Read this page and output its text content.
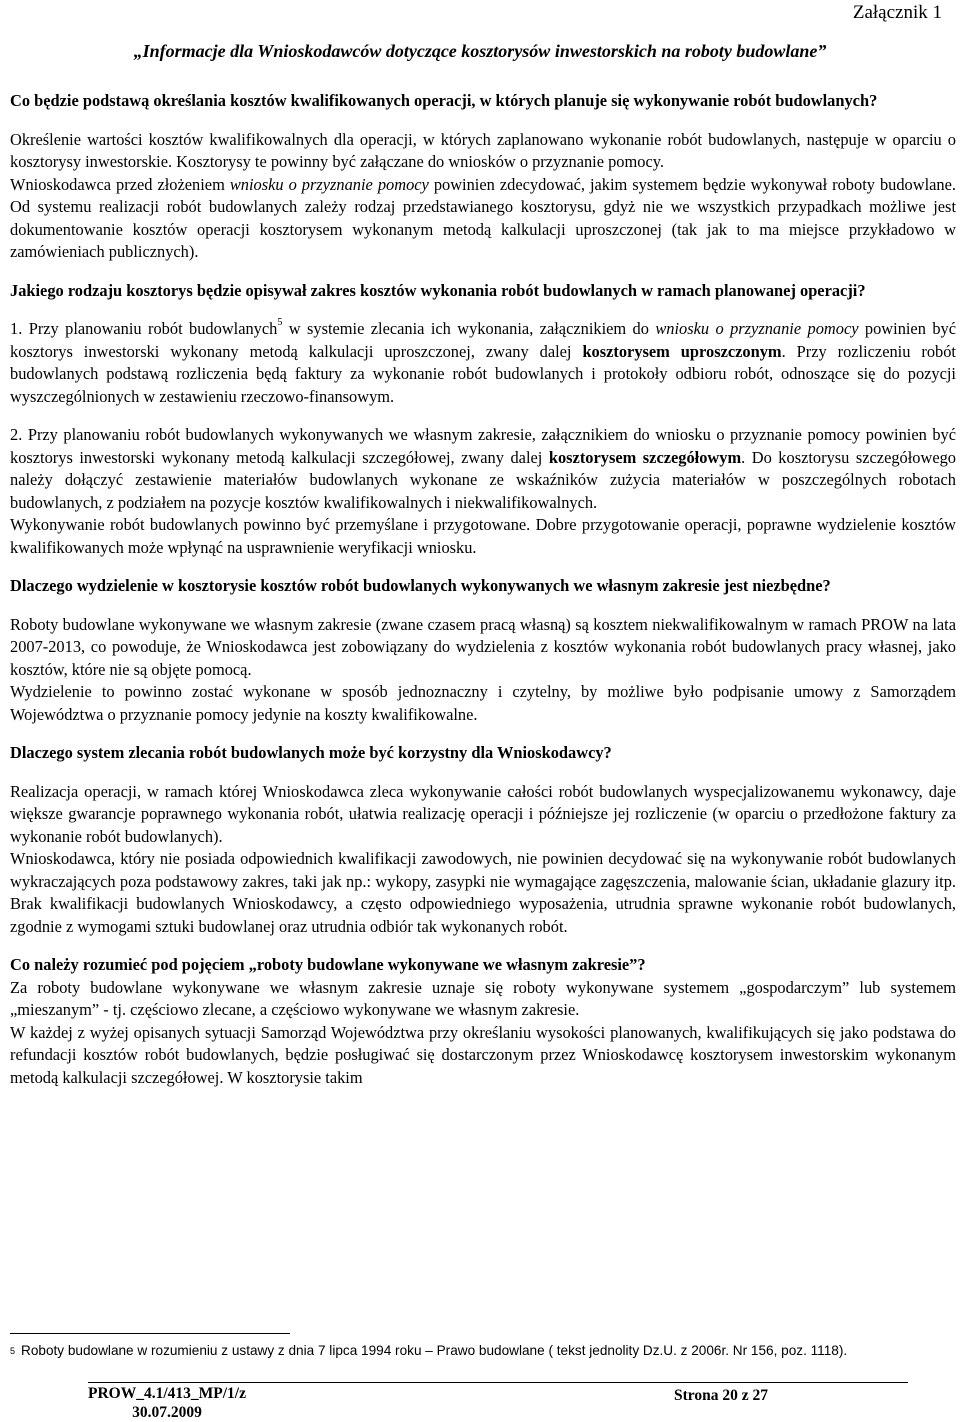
Załącznik 1
„Informacje dla Wnioskodawców dotyczące kosztorysów inwestorskich na roboty budowlane”

Co będzie podstawą określania kosztów kwalifikowanych operacji, w których planuje się wykonywanie robót budowlanych?

Określenie wartości kosztów kwalifikowalnych dla operacji, w których zaplanowano wykonanie robót budowlanych, następuje w oparciu o kosztorysy inwestorskie. Kosztorysy te powinny być załączane do wniosków o przyznanie pomocy.

Wnioskodawca przed złożeniem wniosku o przyznanie pomocy powinien zdecydować, jakim systemem będzie wykonywał roboty budowlane. Od systemu realizacji robót budowlanych zależy rodzaj przedstawianego kosztorysu, gdyż nie we wszystkich przypadkach możliwe jest dokumentowanie kosztów operacji kosztorysem wykonanym metodą kalkulacji uproszczonej (tak jak to ma miejsce przykładowo w zamówieniach publicznych).

Jakiego rodzaju kosztorys będzie opisywał zakres kosztów wykonania robót budowlanych w ramach planowanej operacji?

1. Przy planowaniu robót budowlanych$^5$ w systemie zlecania ich wykonania, załącznikiem do wniosku o przyznanie pomocy powinien być kosztorys inwestorski wykonany metodą kalkulacji uproszczonej, zwany dalej kosztorysem uproszczonym. Przy rozliczeniu robót budowlanych podstawą rozliczenia będą faktury za wykonanie robót budowlanych i protokoły odbioru robót, odnoszące się do pozycji wyszczególnionych w zestawieniu rzeczowo-finansowym.

2. Przy planowaniu robót budowlanych wykonywanych we własnym zakresie, załącznikiem do wniosku o przyznanie pomocy powinien być kosztorys inwestorski wykonany metodą kalkulacji szczegółowej, zwany dalej kosztorysem szczegółowym. Do kosztorysu szczegółowego należy dołączyć zestawienie materiałów budowlanych wykonane ze wskaźników zużycia materiałów w poszczególnych robotach budowlanych, z podziałem na pozycje kosztów kwalifikowalnych i niekwalifikowalnych.

Wykonywanie robót budowlanych powinno być przemyślane i przygotowane. Dobre przygotowanie operacji, poprawne wydzielenie kosztów kwalifikowanych może wpłynąć na usprawnienie weryfikacji wniosku.

Dlaczego wydzielenie w kosztorysie kosztów robót budowlanych wykonywanych we własnym zakresie jest niezbędne?

Roboty budowlane wykonywane we własnym zakresie (zwane czasem pracą własną) są kosztem niekwalifikowalnym w ramach PROW na lata 2007-2013, co powoduje, że Wnioskodawca jest zobowiązany do wydzielenia z kosztów wykonania robót budowlanych pracy własnej, jako kosztów, które nie są objęte pomocą.

Wydzielenie to powinno zostać wykonane w sposób jednoznaczny i czytelny, by możliwe było podpisanie umowy z Samorządem Województwa o przyznanie pomocy jedynie na koszty kwalifikowalne.

Dlaczego system zlecania robót budowlanych może być korzystny dla Wnioskodawcy?

Realizacja operacji, w ramach której Wnioskodawca zleca wykonywanie całości robót budowlanych wyspecjalizowanemu wykonawcy, daje większe gwarancje poprawnego wykonania robót, ułatwia realizację operacji i późniejsze jej rozliczenie (w oparciu o przedłożone faktury za wykonanie robót budowlanych).

Wnioskodawca, który nie posiada odpowiednich kwalifikacji zawodowych, nie powinien decydować się na wykonywanie robót budowlanych wykraczających poza podstawowy zakres, taki jak np.: wykopy, zasypki nie wymagające zagęszczenia, malowanie ścian, układanie glazury itp. Brak kwalifikacji budowlanych Wnioskodawcy, a często odpowiedniego wyposażenia, utrudnia sprawne wykonanie robót budowlanych, zgodnie z wymogami sztuki budowlanej oraz utrudnia odbiór tak wykonanych robót.

Co należy rozumieć pod pojęciem „roboty budowlane wykonywane we własnym zakresie”?

Za roboty budowlane wykonywane we własnym zakresie uznaje się roboty wykonywane systemem „gospodarczym” lub systemem „mieszanym” - tj. częściowo zlecane, a częściowo wykonywane we własnym zakresie.

W każdej z wyżej opisanych sytuacji Samorząd Województwa przy określaniu wysokości planowanych, kwalifikujących się jako podstawa do refundacji kosztów robót budowlanych, będzie posługiwać się dostarczonym przez Wnioskodawcę kosztorysem inwestorskim wykonanym metodą kalkulacji szczegółowej. W kosztorysie takim

$^5$ Roboty budowlane w rozumieniu z ustawy z dnia 7 lipca 1994 roku – Prawo budowlane ( tekst jednolity Dz.U. z 2006r. Nr 156, poz. 1118).
PROW_4.1/413_MP/1/z
30.07.2009
Strona 20 z 27
